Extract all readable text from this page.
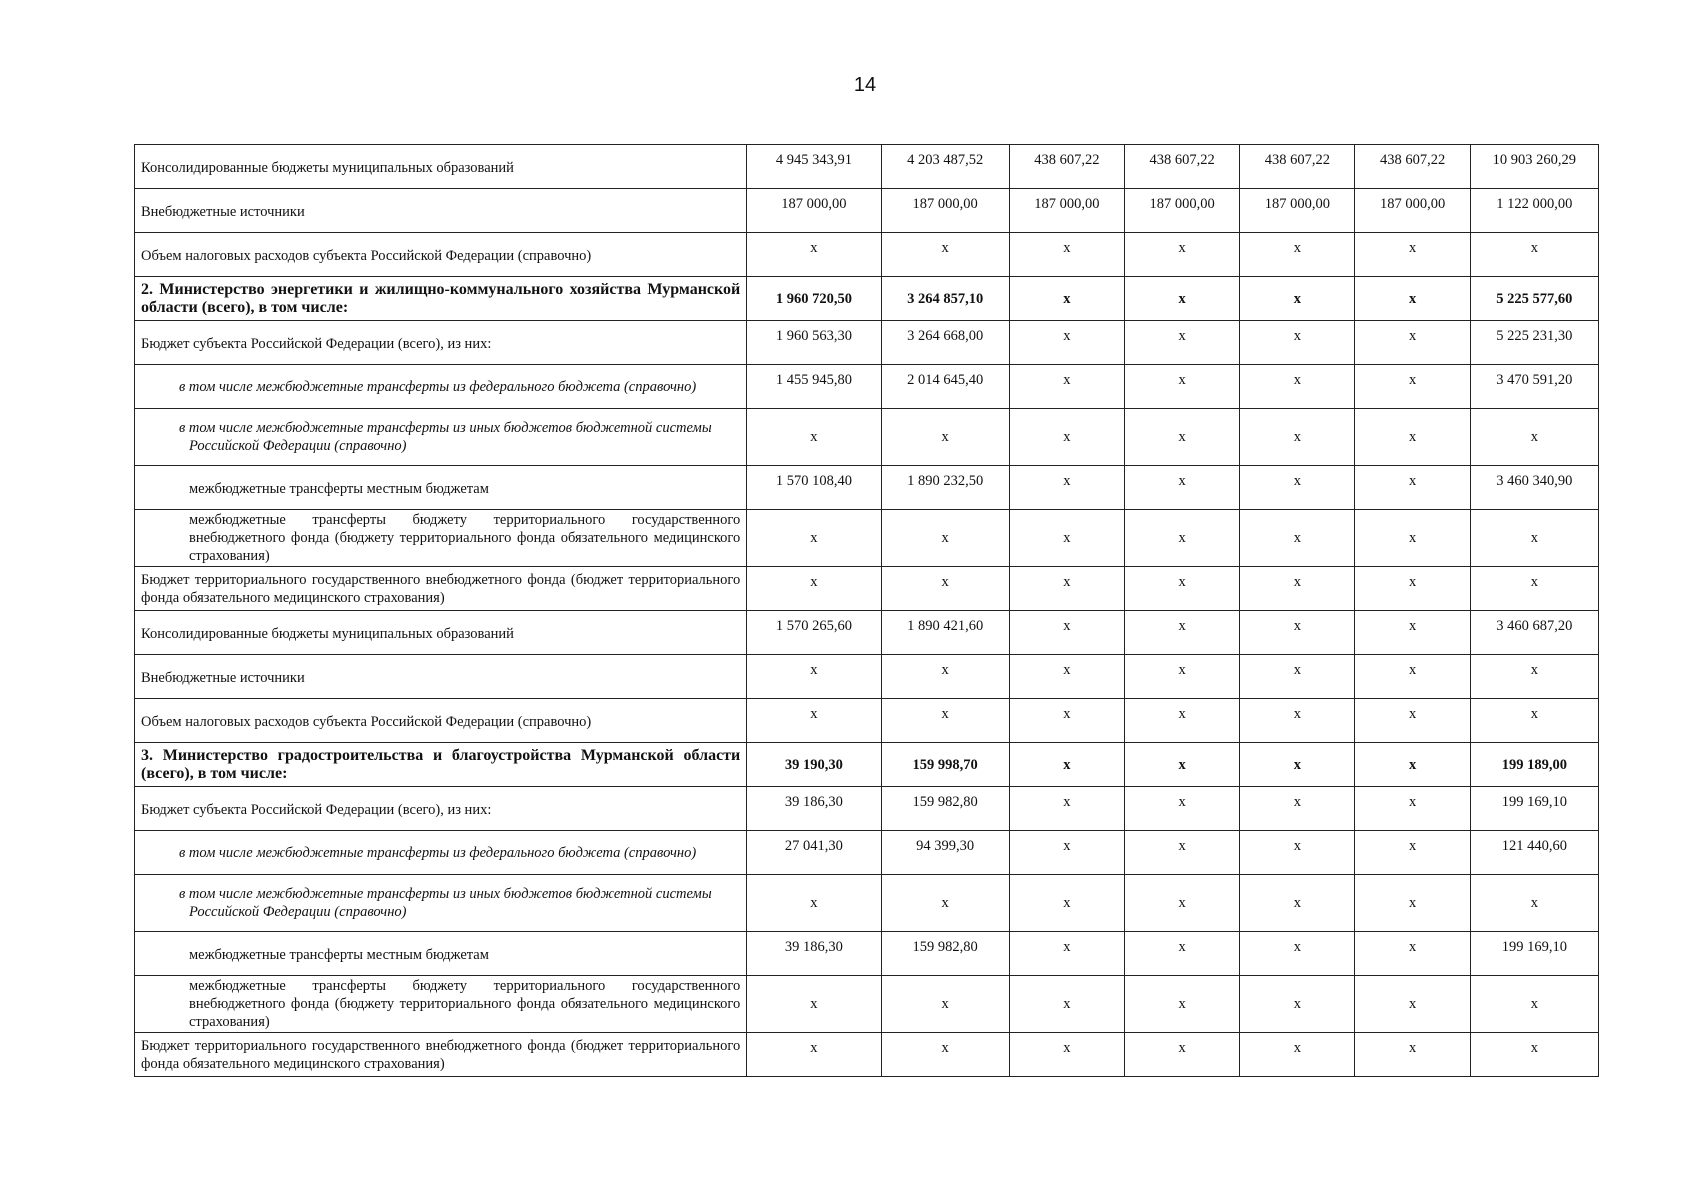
14
Консолидированные бюджеты муниципальных образований	4 945 343,91	4 203 487,52	438 607,22	438 607,22	438 607,22	438 607,22	10 903 260,29
Внебюджетные источники	187 000,00	187 000,00	187 000,00	187 000,00	187 000,00	187 000,00	1 122 000,00
Объем налоговых расходов субъекта Российской Федерации (справочно)	x	x	x	x	x	x	x
2. Министерство энергетики и жилищно-коммунального хозяйства Мурманской области (всего), в том числе:	1 960 720,50	3 264 857,10	x	x	x	x	5 225 577,60
Бюджет субъекта Российской Федерации (всего), из них:	1 960 563,30	3 264 668,00	x	x	x	x	5 225 231,30
в том числе межбюджетные трансферты из федерального бюджета (справочно)	1 455 945,80	2 014 645,40	x	x	x	x	3 470 591,20
в том числе межбюджетные трансферты из иных бюджетов бюджетной системы
Российской Федерации (справочно)	x	x	x	x	x	x	x
межбюджетные трансферты местным бюджетам	1 570 108,40	1 890 232,50	x	x	x	x	3 460 340,90
межбюджетные трансферты бюджету территориального государственного внебюджетного фонда (бюджету территориального фонда обязательного медицинского страхования)	x	x	x	x	x	x	x
Бюджет территориального государственного внебюджетного фонда (бюджет территориального фонда обязательного медицинского страхования)	x	x	x	x	x	x	x
Консолидированные бюджеты муниципальных образований	1 570 265,60	1 890 421,60	x	x	x	x	3 460 687,20
Внебюджетные источники	x	x	x	x	x	x	x
Объем налоговых расходов субъекта Российской Федерации (справочно)	x	x	x	x	x	x	x
3. Министерство градостроительства и благоустройства Мурманской области (всего), в том числе:	39 190,30	159 998,70	x	x	x	x	199 189,00
Бюджет субъекта Российской Федерации (всего), из них:	39 186,30	159 982,80	x	x	x	x	199 169,10
в том числе межбюджетные трансферты из федерального бюджета (справочно)	27 041,30	94 399,30	x	x	x	x	121 440,60
в том числе межбюджетные трансферты из иных бюджетов бюджетной системы
Российской Федерации (справочно)	x	x	x	x	x	x	x
межбюджетные трансферты местным бюджетам	39 186,30	159 982,80	x	x	x	x	199 169,10
межбюджетные трансферты бюджету территориального государственного внебюджетного фонда (бюджету территориального фонда обязательного медицинского страхования)	x	x	x	x	x	x	x
Бюджет территориального государственного внебюджетного фонда (бюджет территориального фонда обязательного медицинского страхования)	x	x	x	x	x	x	x
